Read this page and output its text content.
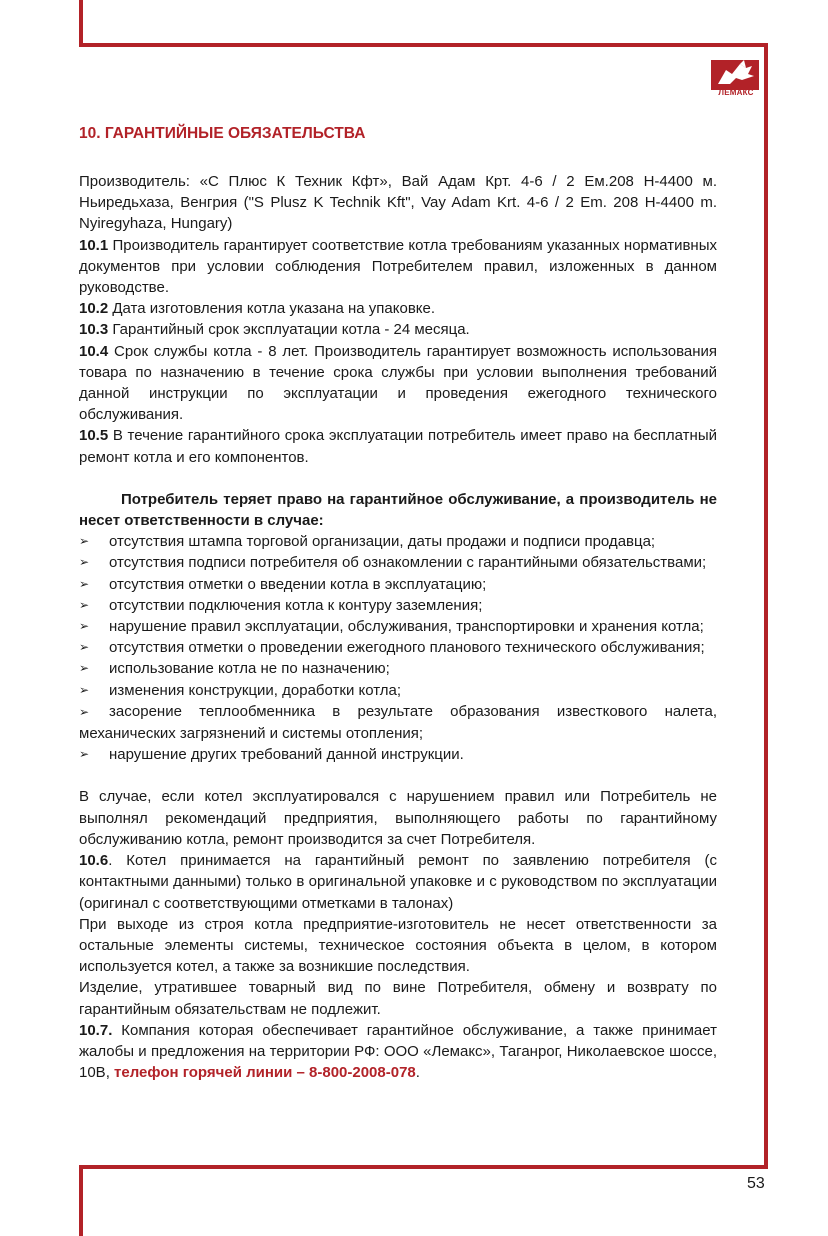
ЛЕМАКС
10. ГАРАНТИЙНЫЕ ОБЯЗАТЕЛЬСТВА

Производитель: «С Плюс К Техник Кфт», Вай Адам Крт. 4-6 / 2 Ем.208 H-4400 м. Ньиредьхаза, Венгрия ("S Plusz K Technik Kft", Vay Adam Krt. 4-6 / 2 Em. 208 H-4400 m. Nyiregyhaza, Hungary)

10.1 Производитель гарантирует соответствие котла требованиям указанных нормативных документов при условии соблюдения Потребителем правил, изложенных в данном руководстве.

10.2 Дата изготовления котла указана на упаковке.

10.3 Гарантийный срок эксплуатации котла - 24 месяца.

10.4 Срок службы котла - 8 лет. Производитель гарантирует возможность использования товара по назначению в течение срока службы при условии выполнения требований данной инструкции по эксплуатации и проведения ежегодного технического обслуживания.

10.5 В течение гарантийного срока эксплуатации потребитель имеет право на бесплатный ремонт котла и его компонентов.

Потребитель теряет право на гарантийное обслуживание, а производитель не несет ответственности в случае:

➢ отсутствия штампа торговой организации, даты продажи и подписи продавца;
➢ отсутствия подписи потребителя об ознакомлении с гарантийными обязательствами;
➢ отсутствия отметки о введении котла в эксплуатацию;
➢ отсутствии подключения котла к контуру заземления;
➢ нарушение правил эксплуатации, обслуживания, транспортировки и хранения котла;
➢ отсутствия отметки о проведении ежегодного планового технического обслуживания;
➢ использование котла не по назначению;
➢ изменения конструкции, доработки котла;
➢ засорение теплообменника в результате образования известкового налета, механических загрязнений и системы отопления;
➢ нарушение других требований данной инструкции.

В случае, если котел эксплуатировался с нарушением правил или Потребитель не выполнял рекомендаций предприятия, выполняющего работы по гарантийному обслуживанию котла, ремонт производится за счет Потребителя.

10.6. Котел принимается на гарантийный ремонт по заявлению потребителя (с контактными данными) только в оригинальной упаковке и с руководством по эксплуатации (оригинал с соответствующими отметками в талонах)

При выходе из строя котла предприятие-изготовитель не несет ответственности за остальные элементы системы, техническое состояния объекта в целом, в котором используется котел, а также за возникшие последствия.

Изделие, утратившее товарный вид по вине Потребителя, обмену и возврату по гарантийным обязательствам не подлежит.

10.7. Компания которая обеспечивает гарантийное обслуживание, а также принимает жалобы и предложения на территории РФ: ООО «Лемакс», Таганрог, Николаевское шоссе, 10В, телефон горячей линии – 8-800-2008-078.

53
